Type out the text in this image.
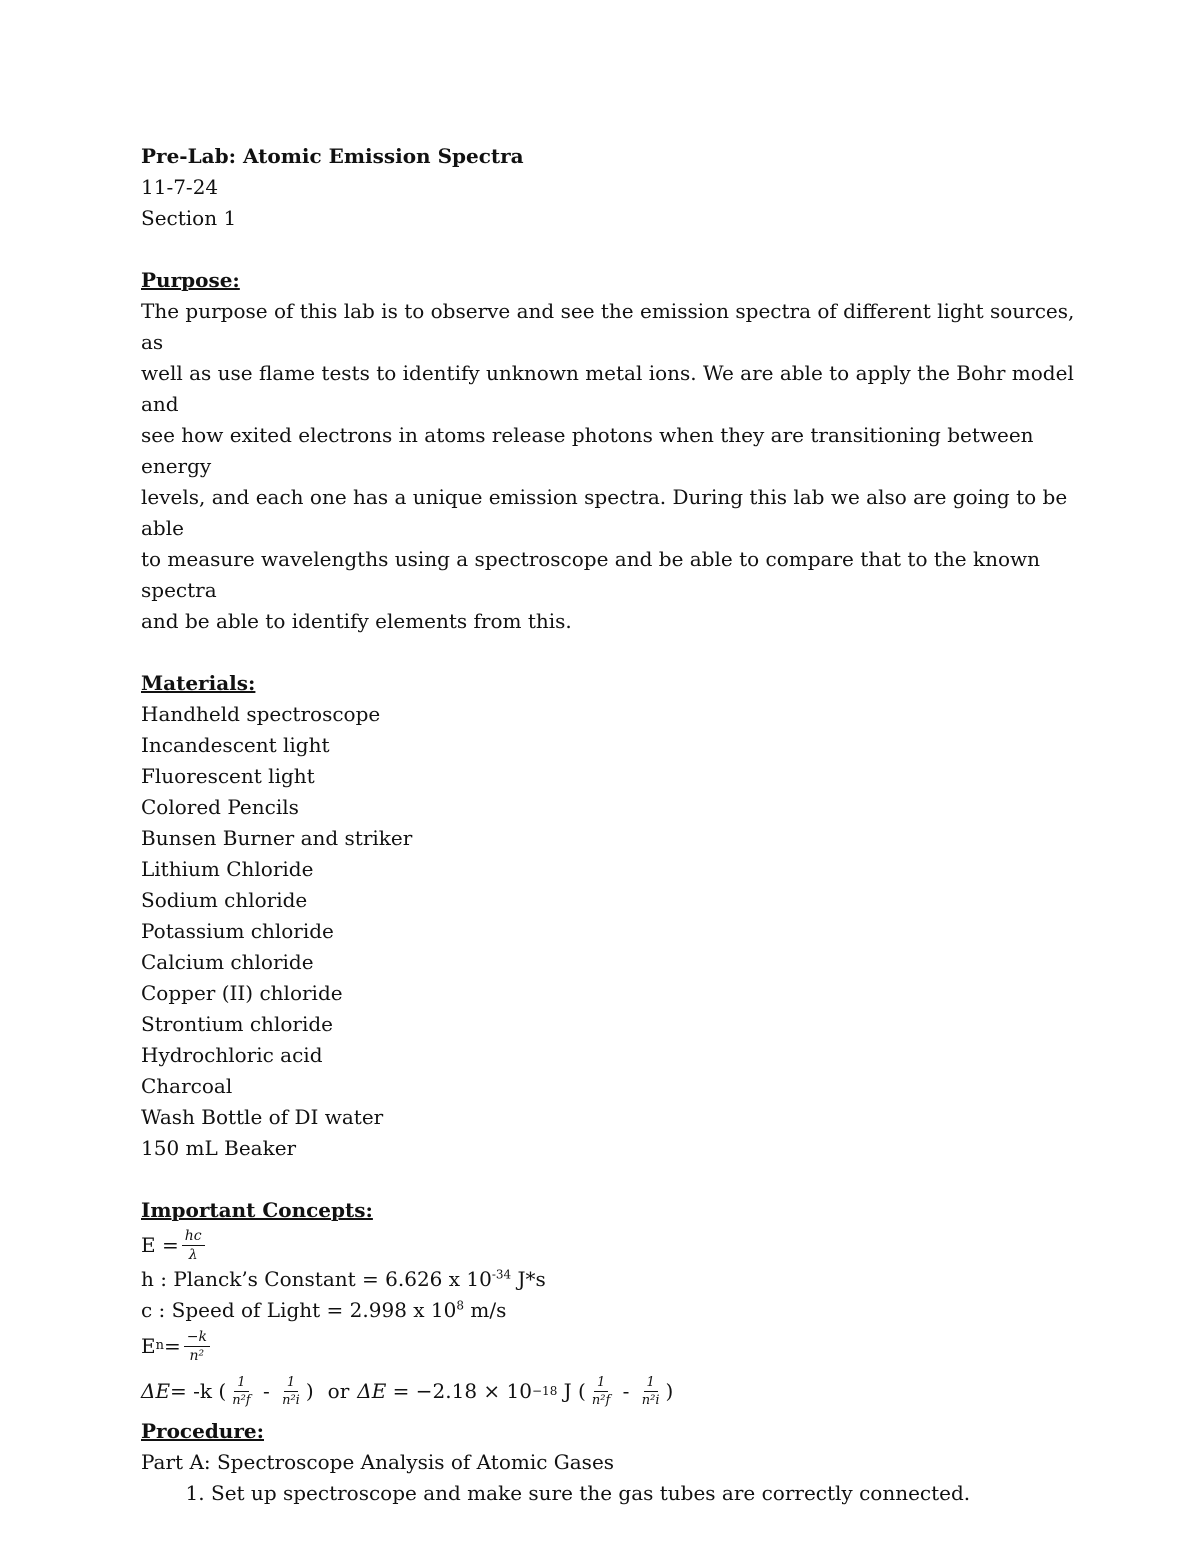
Pre-Lab: Atomic Emission Spectra
11-7-24
Section 1
Purpose:
The purpose of this lab is to observe and see the emission spectra of different light sources, as
well as use flame tests to identify unknown metal ions. We are able to apply the Bohr model and
see how exited electrons in atoms release photons when they are transitioning between energy
levels, and each one has a unique emission spectra. During this lab we also are going to be able
to measure wavelengths using a spectroscope and be able to compare that to the known spectra
and be able to identify elements from this.
Materials:
Handheld spectroscope
Incandescent light
Fluorescent light
Colored Pencils
Bunsen Burner and striker
Lithium Chloride
Sodium chloride
Potassium chloride
Calcium chloride
Copper (II) chloride
Strontium chloride
Hydrochloric acid
Charcoal
Wash Bottle of DI water
150 mL Beaker
Important Concepts:
$E = \frac{hc}{\lambda}$
h : Planck’s Constant = 6.626 x $10^{-34}$ J*s
c : Speed of Light = 2.998 x $10^8$ m/s
E $n = \frac{-k}{\text{n²}}$
ΔE = -k ( $\frac{1}{\text{n²f}} - \frac{1}{\text{n²i}}$ ) or ΔE = −2.18 × 10 −18 J ( $\frac{1}{\text{n²f}} - \frac{1}{\text{n²i}}$ )
Procedure:
Part A: Spectroscope Analysis of Atomic Gases
1. Set up spectroscope and make sure the gas tubes are correctly connected.
